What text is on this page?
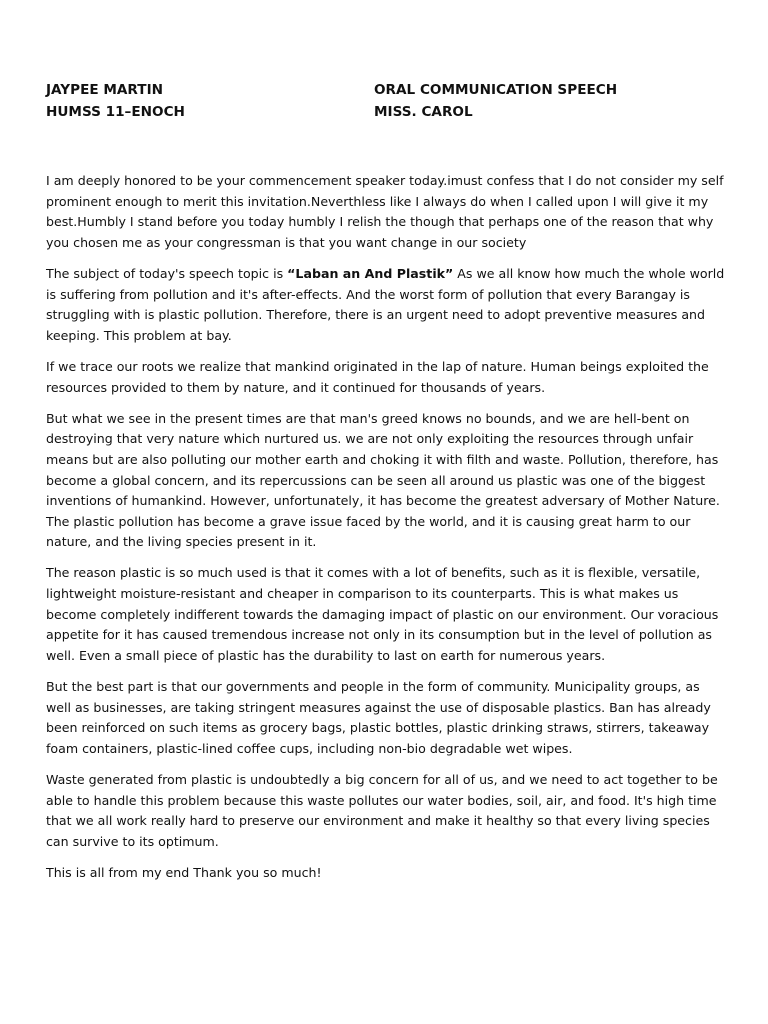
JAYPEE MARTIN
HUMSS 11–ENOCH
ORAL COMMUNICATION SPEECH
MISS. CAROL

I am deeply honored to be your commencement speaker today.imust confess that I do not consider my self prominent enough to merit this invitation.Neverthless like I always do when I called upon I will give it my best.Humbly I stand before you today humbly I relish the though that perhaps one of the reason that why you chosen me as your congressman is that you want change in our society

The subject of today's speech topic is “Laban an And Plastik” As we all know how much the whole world is suffering from pollution and it's after-effects. And the worst form of pollution that every Barangay is struggling with is plastic pollution. Therefore, there is an urgent need to adopt preventive measures and keeping. This problem at bay.

If we trace our roots we realize that mankind originated in the lap of nature. Human beings exploited the resources provided to them by nature, and it continued for thousands of years.

But what we see in the present times are that man's greed knows no bounds, and we are hell-bent on destroying that very nature which nurtured us. we are not only exploiting the resources through unfair means but are also polluting our mother earth and choking it with filth and waste. Pollution, therefore, has become a global concern, and its repercussions can be seen all around us plastic was one of the biggest inventions of humankind. However, unfortunately, it has become the greatest adversary of Mother Nature. The plastic pollution has become a grave issue faced by the world, and it is causing great harm to our nature, and the living species present in it.

The reason plastic is so much used is that it comes with a lot of benefits, such as it is flexible, versatile, lightweight moisture-resistant and cheaper in comparison to its counterparts. This is what makes us become completely indifferent towards the damaging impact of plastic on our environment. Our voracious appetite for it has caused tremendous increase not only in its consumption but in the level of pollution as well. Even a small piece of plastic has the durability to last on earth for numerous years.

But the best part is that our governments and people in the form of community. Municipality groups, as well as businesses, are taking stringent measures against the use of disposable plastics. Ban has already been reinforced on such items as grocery bags, plastic bottles, plastic drinking straws, stirrers, takeaway foam containers, plastic-lined coffee cups, including non-bio degradable wet wipes.

Waste generated from plastic is undoubtedly a big concern for all of us, and we need to act together to be able to handle this problem because this waste pollutes our water bodies, soil, air, and food. It's high time that we all work really hard to preserve our environment and make it healthy so that every living species can survive to its optimum.

This is all from my end Thank you so much!
